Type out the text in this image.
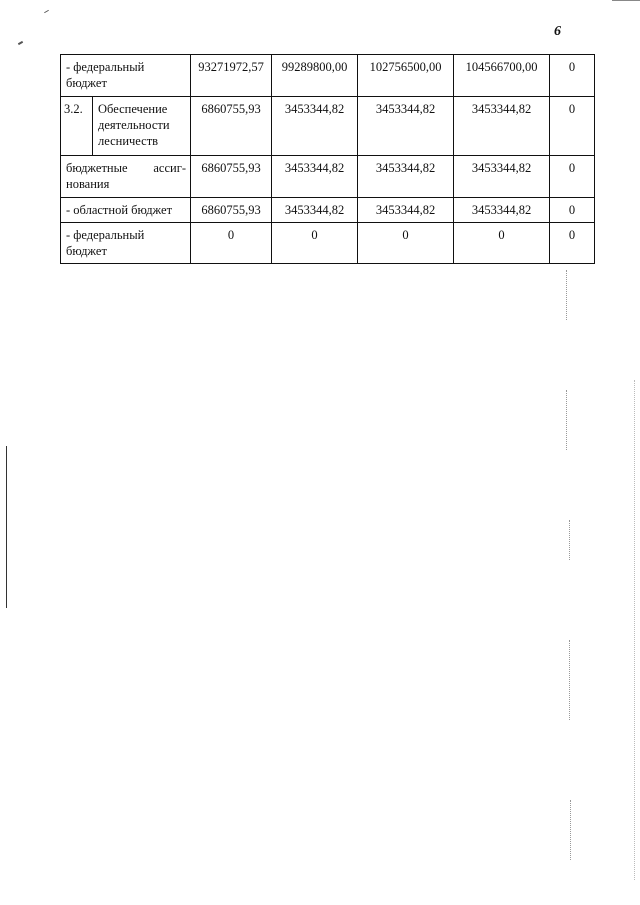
6
- федеральный бюджет		93271972,57	99289800,00	102756500,00	104566700,00	0
3.2.	Обеспечение деятельности лесничеств	6860755,93	3453344,82	3453344,82	3453344,82	0
бюджетные ассиг-нования		6860755,93	3453344,82	3453344,82	3453344,82	0
- областной бюджет		6860755,93	3453344,82	3453344,82	3453344,82	0
- федеральный бюджет		0	0	0	0	0
